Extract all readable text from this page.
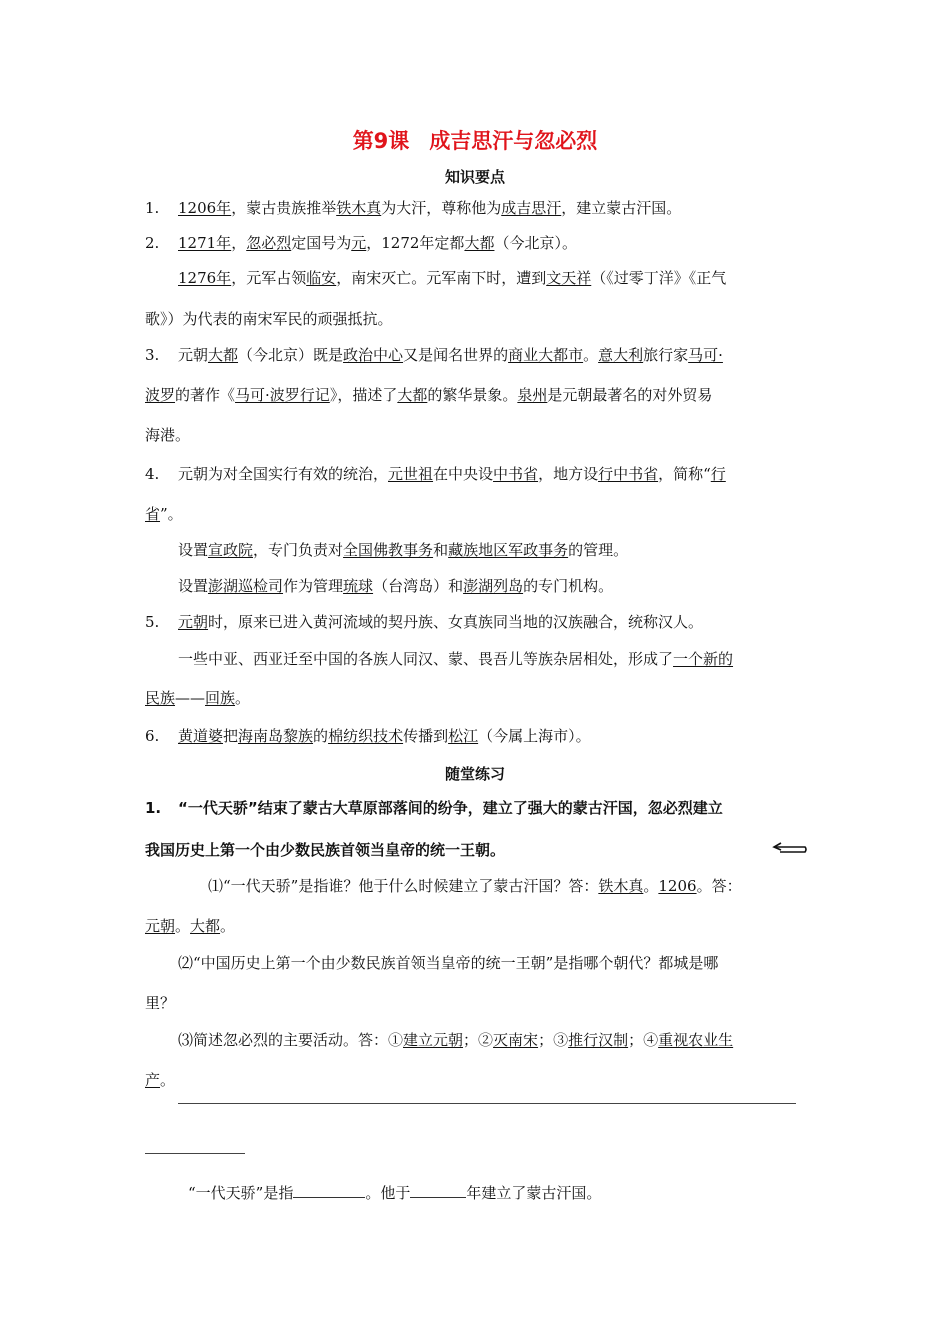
第9课 成吉思汗与忽必烈
知识要点
1. 1206年，蒙古贵族推举铁木真为大汗，尊称他为成吉思汗，建立蒙古汗国。
2. 1271年，忽必烈定国号为元，1272年定都大都（今北京）。
1276年，元军占领临安，南宋灭亡。元军南下时，遭到文天祥（《过零丁洋》《正气
歌》）为代表的南宋军民的顽强抵抗。
3. 元朝大都（今北京）既是政治中心又是闻名世界的商业大都市。意大利旅行家马可·
波罗的著作《马可·波罗行记》，描述了大都的繁华景象。泉州是元朝最著名的对外贸易
海港。
4. 元朝为对全国实行有效的统治，元世祖在中央设中书省，地方设行中书省，简称“行
省”。
设置宣政院，专门负责对全国佛教事务和藏族地区军政事务的管理。
设置澎湖巡检司作为管理琉球（台湾岛）和澎湖列岛的专门机构。
5. 元朝时，原来已进入黄河流域的契丹族、女真族同当地的汉族融合，统称汉人。
一些中亚、西亚迁至中国的各族人同汉、蒙、畏吾儿等族杂居相处，形成了一个新的
民族——回族。
6. 黄道婆把海南岛黎族的棉纺织技术传播到松江（今属上海市）。
随堂练习
1. “一代天骄”结束了蒙古大草原部落间的纷争，建立了强大的蒙古汗国，忽必烈建立
我国历史上第一个由少数民族首领当皇帝的统一王朝。
⑴“一代天骄”是指谁？他于什么时候建立了蒙古汗国？答：铁木真。1206。答：
元朝。大都。
⑵“中国历史上第一个由少数民族首领当皇帝的统一王朝”是指哪个朝代？都城是哪
里？
⑶简述忽必烈的主要活动。答：①建立元朝；②灭南宋；③推行汉制；④重视农业生
产。
“一代天骄”是指	。他于	年建立了蒙古汗国。
